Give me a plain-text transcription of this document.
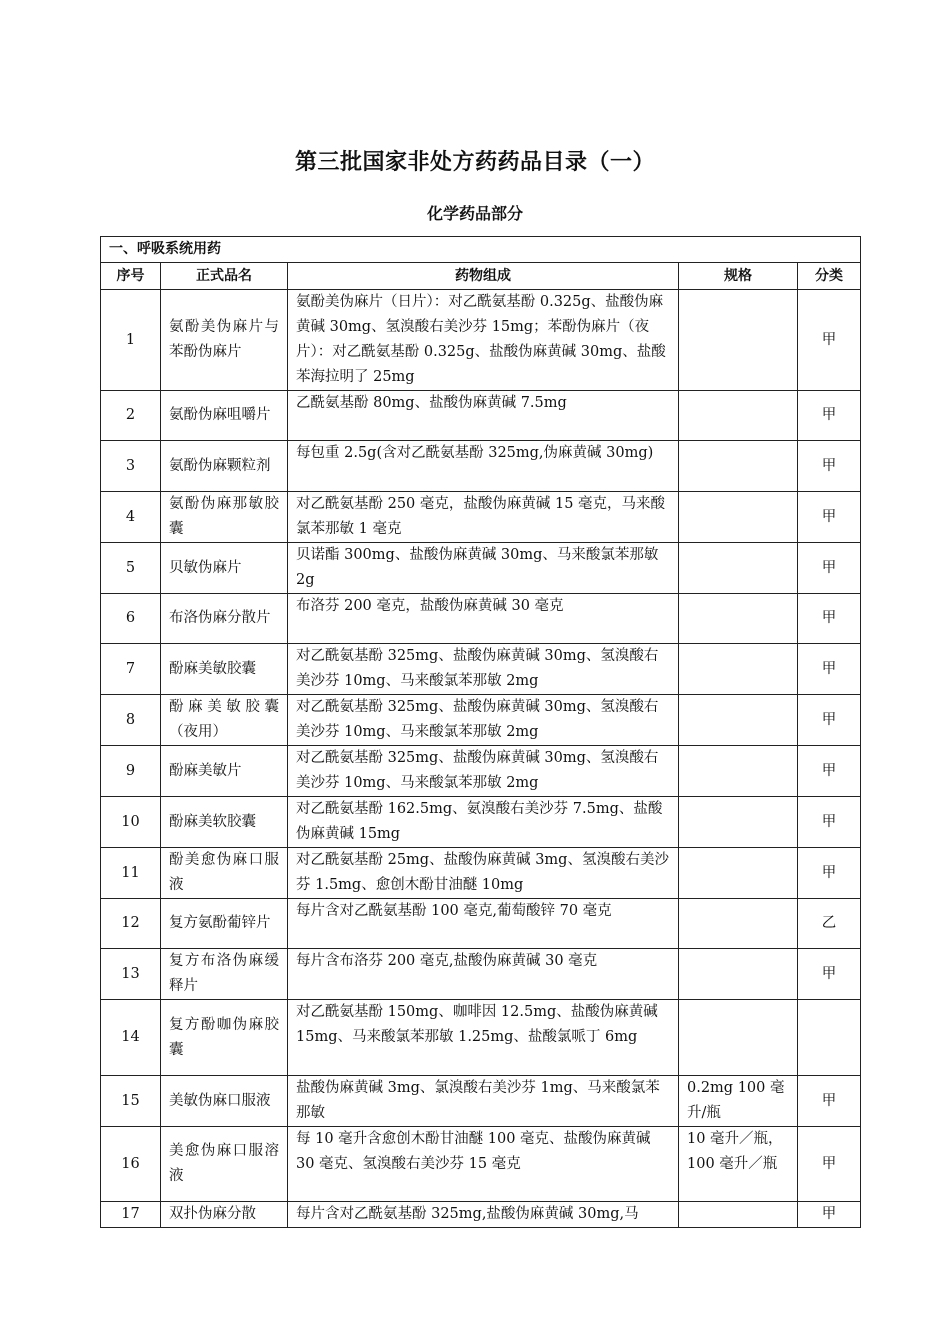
第三批国家非处方药药品目录（一）
化学药品部分
一、呼吸系统用药				
序号	正式品名	药物组成	规格	分类
1	氨酚美伪麻片与苯酚伪麻片	氨酚美伪麻片（日片）：对乙酰氨基酚 0.325g、盐酸伪麻黄碱 30mg、氢溴酸右美沙芬 15mg；苯酚伪麻片（夜片）：对乙酰氨基酚 0.325g、盐酸伪麻黄碱 30mg、盐酸苯海拉明了 25mg		甲
2	氨酚伪麻咀嚼片	乙酰氨基酚 80mg、盐酸伪麻黄碱 7.5mg		甲
3	氨酚伪麻颗粒剂	每包重 2.5g(含对乙酰氨基酚 325mg,伪麻黄碱 30mg)		甲
4	氨酚伪麻那敏胶囊	对乙酰氨基酚 250 毫克，盐酸伪麻黄碱 15 毫克，马来酸氯苯那敏 1 毫克		甲
5	贝敏伪麻片	贝诺酯 300mg、盐酸伪麻黄碱 30mg、马来酸氯苯那敏 2g		甲
6	布洛伪麻分散片	布洛芬 200 毫克，盐酸伪麻黄碱 30 毫克		甲
7	酚麻美敏胶囊	对乙酰氨基酚 325mg、盐酸伪麻黄碱 30mg、氢溴酸右美沙芬 10mg、马来酸氯苯那敏 2mg		甲
8	酚麻美敏胶囊（夜用）	对乙酰氨基酚 325mg、盐酸伪麻黄碱 30mg、氢溴酸右美沙芬 10mg、马来酸氯苯那敏 2mg		甲
9	酚麻美敏片	对乙酰氨基酚 325mg、盐酸伪麻黄碱 30mg、氢溴酸右美沙芬 10mg、马来酸氯苯那敏 2mg		甲
10	酚麻美软胶囊	对乙酰氨基酚 162.5mg、氨溴酸右美沙芬 7.5mg、盐酸伪麻黄碱 15mg		甲
11	酚美愈伪麻口服液	对乙酰氨基酚 25mg、盐酸伪麻黄碱 3mg、氢溴酸右美沙芬 1.5mg、愈创木酚甘油醚 10mg		甲
12	复方氨酚葡锌片	每片含对乙酰氨基酚 100 毫克,葡萄酸锌 70 毫克		乙
13	复方布洛伪麻缓释片	每片含布洛芬 200 毫克,盐酸伪麻黄碱 30 毫克		甲
14	复方酚咖伪麻胶囊	对乙酰氨基酚 150mg、咖啡因 12.5mg、盐酸伪麻黄碱 15mg、马来酸氯苯那敏 1.25mg、盐酸氯哌丁 6mg		
15	美敏伪麻口服液	盐酸伪麻黄碱 3mg、氯溴酸右美沙芬 1mg、马来酸氯苯那敏	0.2mg 100 毫升/瓶	甲
16	美愈伪麻口服溶液	每 10 毫升含愈创木酚甘油醚 100 毫克、盐酸伪麻黄碱 30 毫克、氢溴酸右美沙芬 15 毫克	10 毫升／瓶，100 毫升／瓶	甲
17	双扑伪麻分散	每片含对乙酰氨基酚 325mg,盐酸伪麻黄碱 30mg,马		甲
